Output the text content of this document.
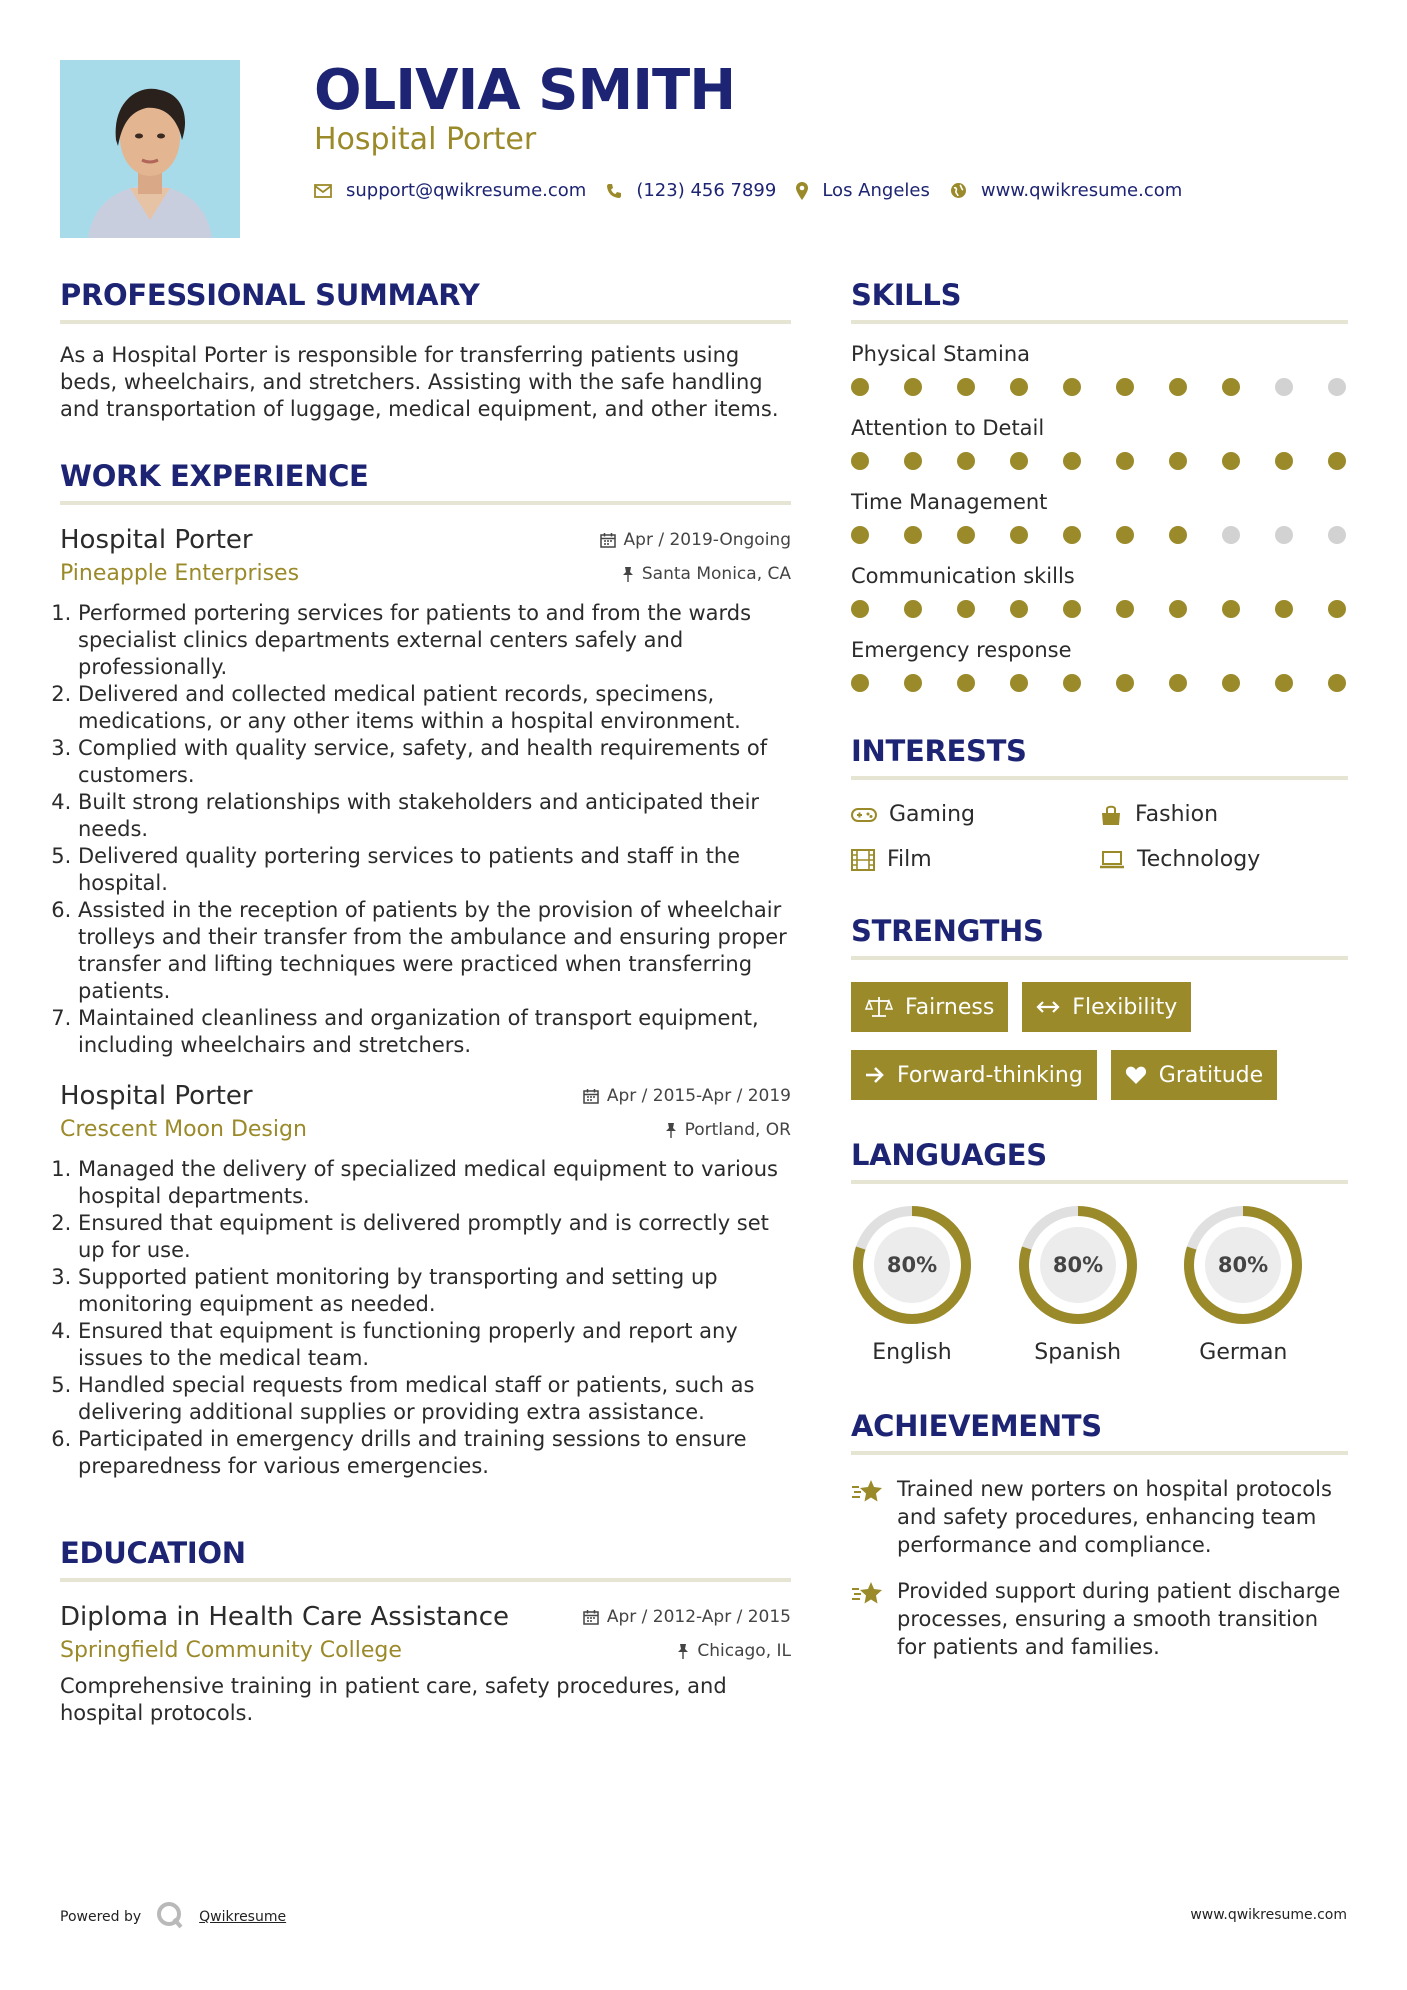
OLIVIA SMITH
Hospital Porter
support@qwikresume.com	(123) 456 7899	Los Angeles	www.qwikresume.com
PROFESSIONAL SUMMARY

As a Hospital Porter is responsible for transferring patients using beds, wheelchairs, and stretchers. Assisting with the safe handling and transportation of luggage, medical equipment, and other items.

WORK EXPERIENCE
Hospital Porter	Apr / 2019-Ongoing
Pineapple Enterprises	Santa Monica, CA
1. Performed portering services for patients to and from the wards specialist clinics departments external centers safely and professionally.
2. Delivered and collected medical patient records, specimens, medications, or any other items within a hospital environment.
3. Complied with quality service, safety, and health requirements of customers.
4. Built strong relationships with stakeholders and anticipated their needs.
5. Delivered quality portering services to patients and staff in the hospital.
6. Assisted in the reception of patients by the provision of wheelchair trolleys and their transfer from the ambulance and ensuring proper transfer and lifting techniques were practiced when transferring patients.
7. Maintained cleanliness and organization of transport equipment, including wheelchairs and stretchers.
Hospital Porter	Apr / 2015-Apr / 2019
Crescent Moon Design	Portland, OR
1. Managed the delivery of specialized medical equipment to various hospital departments.
2. Ensured that equipment is delivered promptly and is correctly set up for use.
3. Supported patient monitoring by transporting and setting up monitoring equipment as needed.
4. Ensured that equipment is functioning properly and report any issues to the medical team.
5. Handled special requests from medical staff or patients, such as delivering additional supplies or providing extra assistance.
6. Participated in emergency drills and training sessions to ensure preparedness for various emergencies.
EDUCATION
Diploma in Health Care Assistance	Apr / 2012-Apr / 2015
Springfield Community College	Chicago, IL

Comprehensive training in patient care, safety procedures, and hospital protocols.

SKILLS
Physical Stamina
Attention to Detail
Time Management
Communication skills
Emergency response
INTERESTS
Gaming	Fashion
Film	Technology
STRENGTHS
Fairness	Flexibility
Forward-thinking	Gratitude
LANGUAGES
80%
English
80%
Spanish
80%
German
ACHIEVEMENTS
Trained new porters on hospital protocols and safety procedures, enhancing team performance and compliance.
Provided support during patient discharge processes, ensuring a smooth transition for patients and families.
Powered by	Qwikresume	www.qwikresume.com
